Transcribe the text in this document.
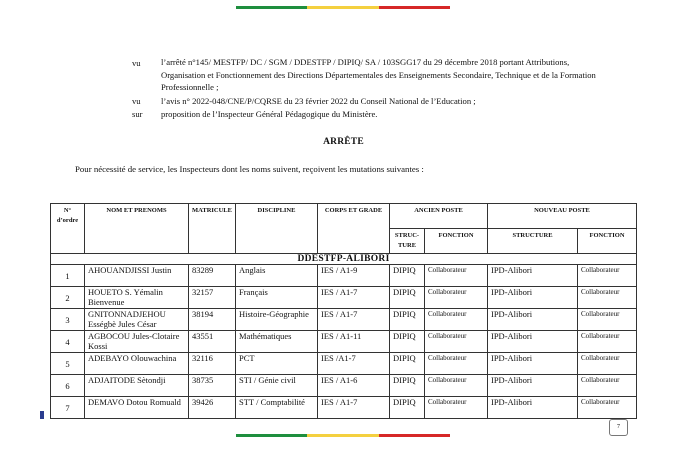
vu	l’arrêté n°145/ MESTFP/ DC / SGM / DDESTFP / DIPIQ/ SA / 103SGG17 du 29 décembre 2018 portant Attributions, Organisation et Fonctionnement des Directions Départementales des Enseignements Secondaire, Technique et de la Formation Professionnelle ;
vu	l’avis n° 2022-048/CNE/P/CQRSE du 23 février 2022 du Conseil National de l’Education ;
sur	proposition de l’Inspecteur Général Pédagogique du Ministère.
ARRÊTE
Pour nécessité de service, les Inspecteurs dont les noms suivent, reçoivent les mutations suivantes :
N° d’ordre	NOM ET PRENOMS	MATRICULE	DISCIPLINE	CORPS ET GRADE	ANCIEN POSTE		NOUVEAU POSTE	
					STRUC-TURE	FONCTION	STRUCTURE	FONCTION
DDESTFP-ALIBORI								
1	AHOUANDJISSI Justin	83289	Anglais	IES / A1-9	DIPIQ	Collaborateur	IPD-Alibori	Collaborateur
2	HOUETO S. Yémalin Bienvenue	32157	Français	IES / A1-7	DIPIQ	Collaborateur	IPD-Alibori	Collaborateur
3	GNITONNADJEHOU Ességbè Jules César	38194	Histoire-Géographie	IES / A1-7	DIPIQ	Collaborateur	IPD-Alibori	Collaborateur
4	AGBOCOU Jules-Clotaire Kossi	43551	Mathématiques	IES / A1-11	DIPIQ	Collaborateur	IPD-Alibori	Collaborateur
5	ADEBAYO Olouwachina	32116	PCT	IES /A1-7	DIPIQ	Collaborateur	IPD-Alibori	Collaborateur
6	ADJAITODE Sètondji	38735	STI / Génie civil	IES / A1-6	DIPIQ	Collaborateur	IPD-Alibori	Collaborateur
7	DEMAVO Dotou Romuald	39426	STT / Comptabilité	IES / A1-7	DIPIQ	Collaborateur	IPD-Alibori	Collaborateur
7
